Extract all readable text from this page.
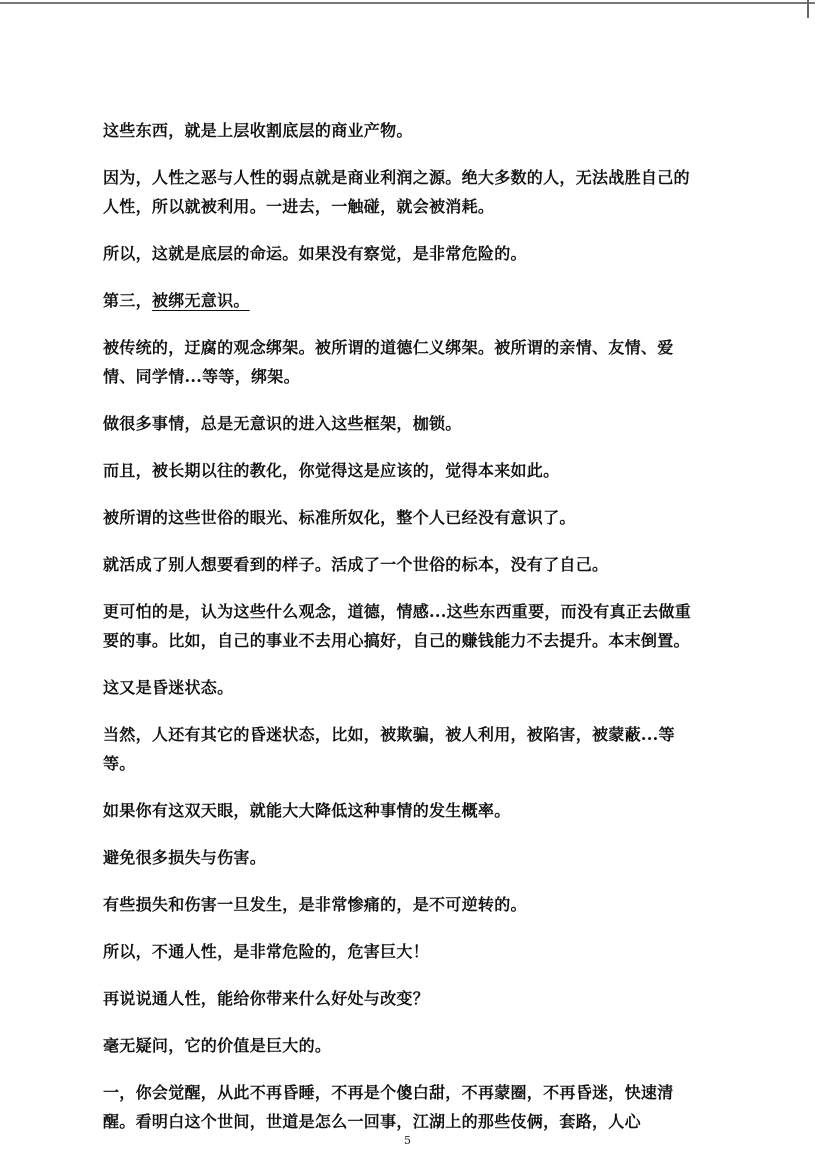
这些东西，就是上层收割底层的商业产物。

因为，人性之恶与人性的弱点就是商业利润之源。绝大多数的人，无法战胜自己的人性，所以就被利用。一进去，一触碰，就会被消耗。

所以，这就是底层的命运。如果没有察觉，是非常危险的。

第三，被绑无意识。

被传统的，迂腐的观念绑架。被所谓的道德仁义绑架。被所谓的亲情、友情、爱情、同学情...等等，绑架。

做很多事情，总是无意识的进入这些框架，枷锁。

而且，被长期以往的教化，你觉得这是应该的，觉得本来如此。

被所谓的这些世俗的眼光、标准所奴化，整个人已经没有意识了。

就活成了别人想要看到的样子。活成了一个世俗的标本，没有了自己。

更可怕的是，认为这些什么观念，道德，情感...这些东西重要，而没有真正去做重要的事。比如，自己的事业不去用心搞好，自己的赚钱能力不去提升。本末倒置。

这又是昏迷状态。

当然，人还有其它的昏迷状态，比如，被欺骗，被人利用，被陷害，被蒙蔽...等等。

如果你有这双天眼，就能大大降低这种事情的发生概率。

避免很多损失与伤害。

有些损失和伤害一旦发生，是非常惨痛的，是不可逆转的。

所以，不通人性，是非常危险的，危害巨大！

再说说通人性，能给你带来什么好处与改变？

毫无疑问，它的价值是巨大的。

一，你会觉醒，从此不再昏睡，不再是个傻白甜，不再蒙圈，不再昏迷，快速清醒。看明白这个世间，世道是怎么一回事，江湖上的那些伎俩，套路，人心

5
